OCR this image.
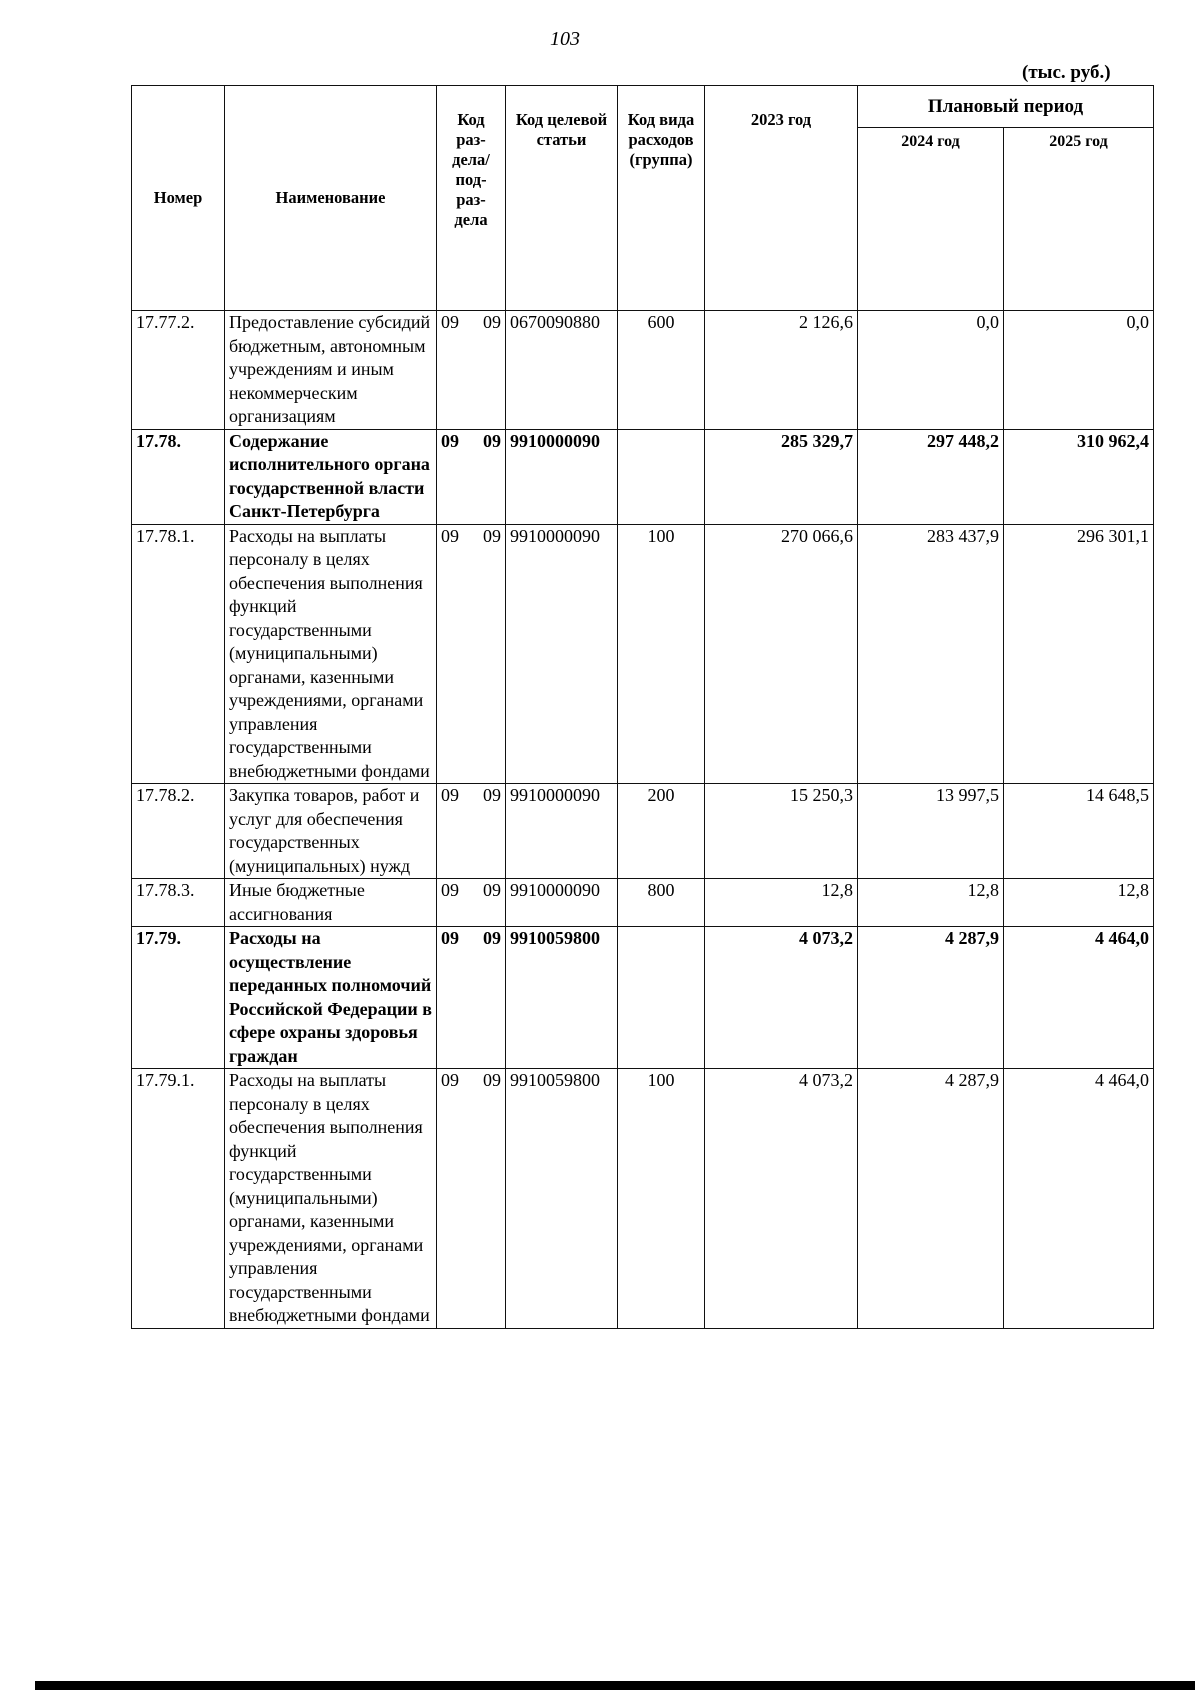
103
(тыс. руб.)
Номер	Наименование	Код раз-дела/ под-раз-дела	Код целевой статьи	Код вида расходов (группа)	2023 год	Плановый период	
						2024 год	2025 год
17.77.2.	Предоставление субсидий бюджетным, автономным учреждениям и иным некоммерческим организациям	09 09	0670090880	600	2 126,6	0,0	0,0
17.78.	Содержание исполнительного органа государственной власти Санкт-Петербурга	09 09	9910000090		285 329,7	297 448,2	310 962,4
17.78.1.	Расходы на выплаты персоналу в целях обеспечения выполнения функций государственными (муниципальными) органами, казенными учреждениями, органами управления государственными внебюджетными фондами	09 09	9910000090	100	270 066,6	283 437,9	296 301,1
17.78.2.	Закупка товаров, работ и услуг для обеспечения государственных (муниципальных) нужд	09 09	9910000090	200	15 250,3	13 997,5	14 648,5
17.78.3.	Иные бюджетные ассигнования	09 09	9910000090	800	12,8	12,8	12,8
17.79.	Расходы на осуществление переданных полномочий Российской Федерации в сфере охраны здоровья граждан	09 09	9910059800		4 073,2	4 287,9	4 464,0
17.79.1.	Расходы на выплаты персоналу в целях обеспечения выполнения функций государственными (муниципальными) органами, казенными учреждениями, органами управления государственными внебюджетными фондами	09 09	9910059800	100	4 073,2	4 287,9	4 464,0
